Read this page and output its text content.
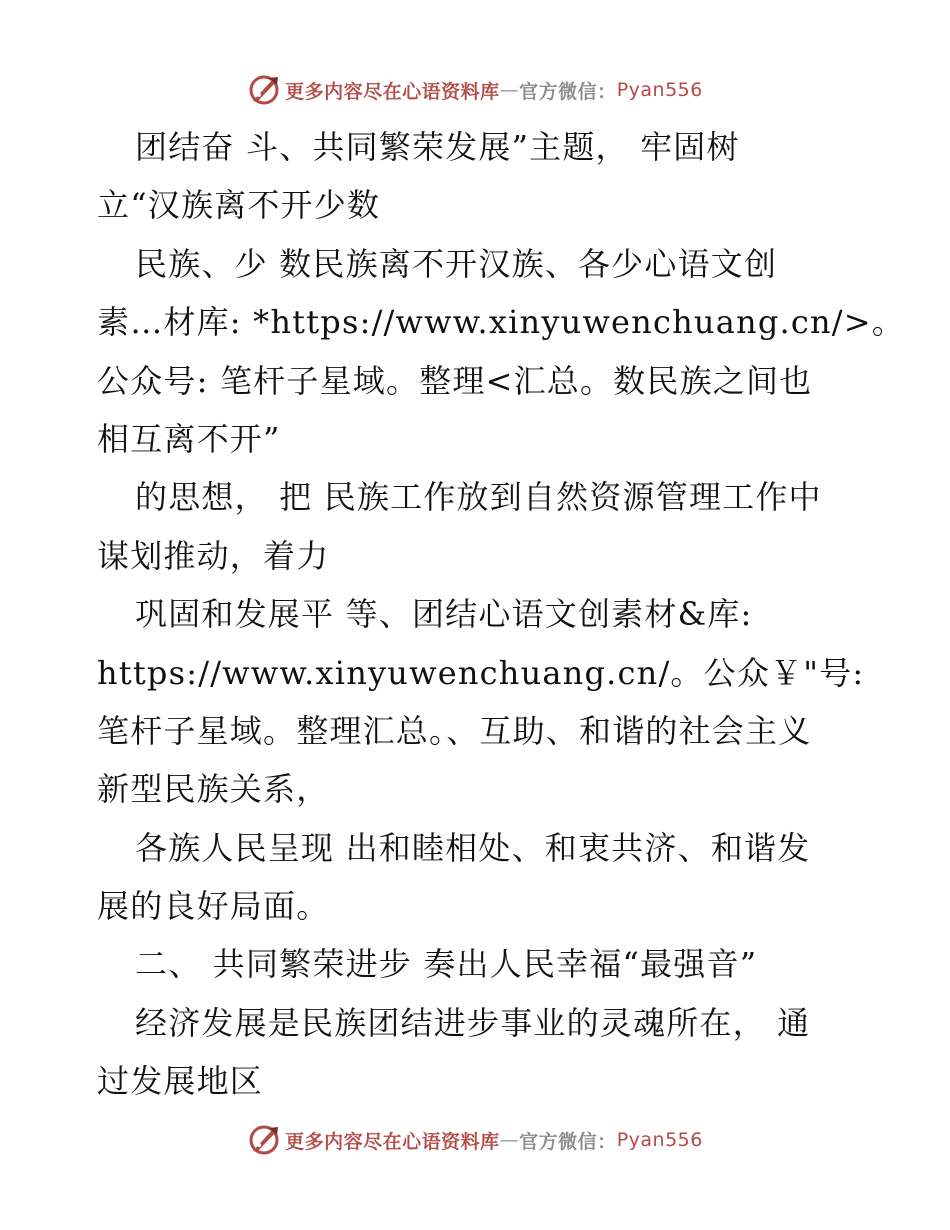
更多内容尽在心语资料库 — 官方微信： Pyan556
团结奋 斗、共同繁荣发展”主题， 牢固树
立“汉族离不开少数
民族、少 数民族离不开汉族、各少心语文创
素…材库: *https://www.xinyuwenchuang.cn/>。
公众号: 笔杆子星域。整理<汇总。数民族之间也
相互离不开”
的思想， 把 民族工作放到自然资源管理工作中
谋划推动，着力
巩固和发展平 等、团结心语文创素材&库:
https://www.xinyuwenchuang.cn/。公众￥"号:
笔杆子星域。整理汇总。、互助、和谐的社会主义
新型民族关系，
各族人民呈现 出和睦相处、和衷共济、和谐发
展的良好局面。
二、 共同繁荣进步 奏出人民幸福“最强音”
经济发展是民族团结进步事业的灵魂所在， 通
过发展地区
更多内容尽在心语资料库 — 官方微信： Pyan556
